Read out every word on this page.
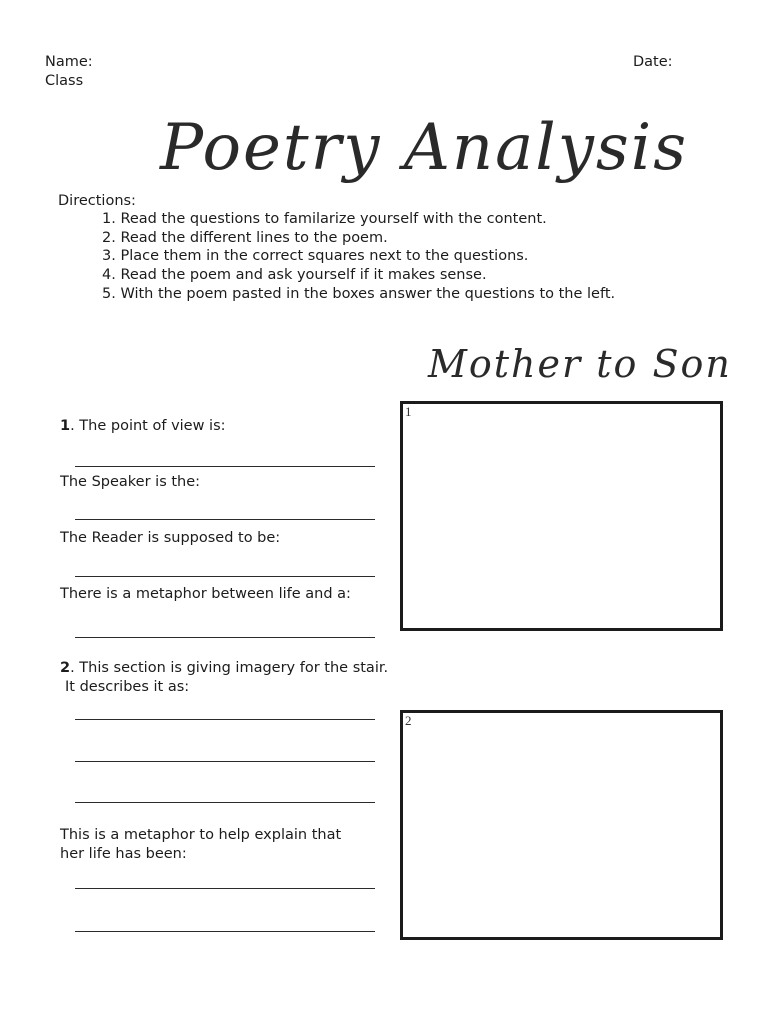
Name:
Class
Date:
Poetry Analysis
Directions:
1. Read the questions to familarize yourself with the content.
2. Read the different lines to the poem.
3. Place them in the correct squares next to the questions.
4. Read the poem and ask yourself if it makes sense.
5. With the poem pasted in the boxes answer the questions to the left.
Mother to Son
1. The point of view is:
The Speaker is the:
The Reader is supposed to be:
There is a metaphor between life and a:
2. This section is giving imagery for the stair.
It describes it as:
This is a metaphor to help explain that
her life has been:
1
2
